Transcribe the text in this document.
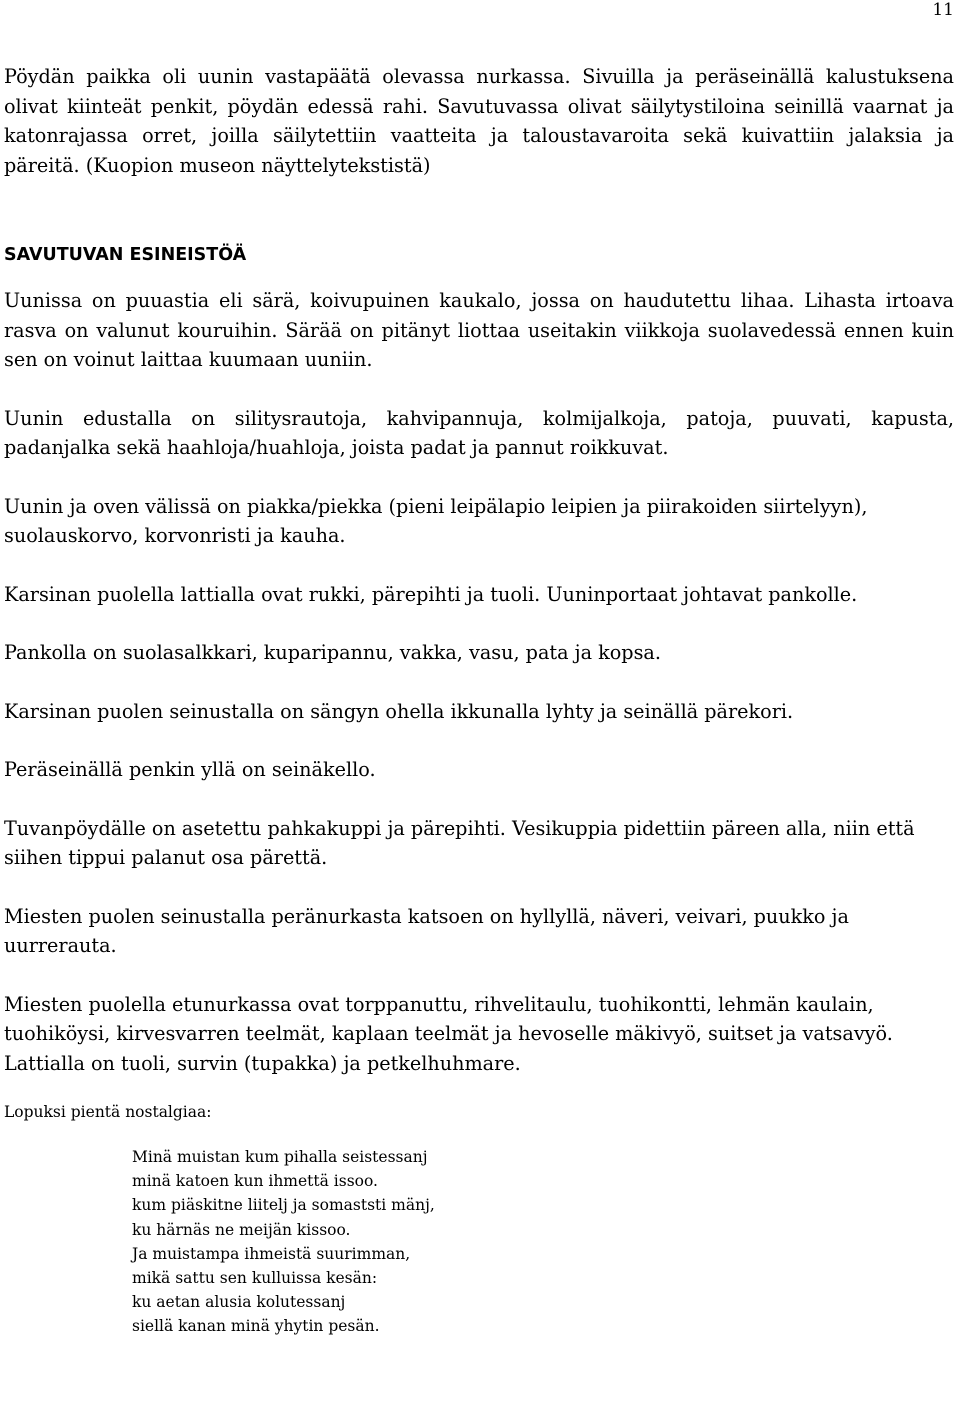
11

Pöydän paikka oli uunin vastapäätä olevassa nurkassa. Sivuilla ja peräseinällä kalustuksena olivat kiinteät penkit, pöydän edessä rahi. Savutuvassa olivat säilytystiloina seinillä vaarnat ja katonrajassa orret, joilla säilytettiin vaatteita ja taloustavaroita sekä kuivattiin jalaksia ja päreitä. (Kuopion museon näyttelytekstistä)

SAVUTUVAN ESINEISTÖÄ

Uunissa on puuastia eli särä, koivupuinen kaukalo, jossa on haudutettu lihaa. Lihasta irtoava rasva on valunut kouruihin. Särää on pitänyt liottaa useitakin viikkoja suolavedessä ennen kuin sen on voinut laittaa kuumaan uuniin.

Uunin edustalla on silitysrautoja, kahvipannuja, kolmijalkoja, patoja, puuvati, kapusta, padanjalka sekä haahloja/huahloja, joista padat ja pannut roikkuvat.

Uunin ja oven välissä on piakka/piekka (pieni leipälapio leipien ja piirakoiden siirtelyyn), suolauskorvo, korvonristi ja kauha.

Karsinan puolella lattialla ovat rukki, pärepihti ja tuoli. Uuninportaat johtavat pankolle.

Pankolla on suolasalkkari, kuparipannu, vakka, vasu, pata ja kopsa.

Karsinan puolen seinustalla on sängyn ohella ikkunalla lyhty ja seinällä pärekori.

Peräseinällä penkin yllä on seinäkello.

Tuvanpöydälle on asetettu pahkakuppi ja pärepihti. Vesikuppia pidettiin päreen alla, niin että siihen tippui palanut osa pärettä.

Miesten puolen seinustalla peränurkasta katsoen on hyllyllä, näveri, veivari, puukko ja uurrerauta.

Miesten puolella etunurkassa ovat torppanuttu, rihvelitaulu, tuohikontti, lehmän kaulain, tuohiköysi, kirvesvarren teelmät, kaplaan teelmät ja hevoselle mäkivyö, suitset ja vatsavyö. Lattialla on tuoli, survin (tupakka) ja petkelhuhmare.

Lopuksi pientä nostalgiaa:

Minä muistan kum pihalla seistessanj
minä katoen kun ihmettä issoo.
kum piäskitne liitelj ja somaststi mänj,
ku härnäs ne meijän kissoo.
Ja muistampa ihmeistä suurimman,
mikä sattu sen kulluissa kesän:
ku aetan alusia kolutessanj
siellä kanan minä yhytin pesän.
